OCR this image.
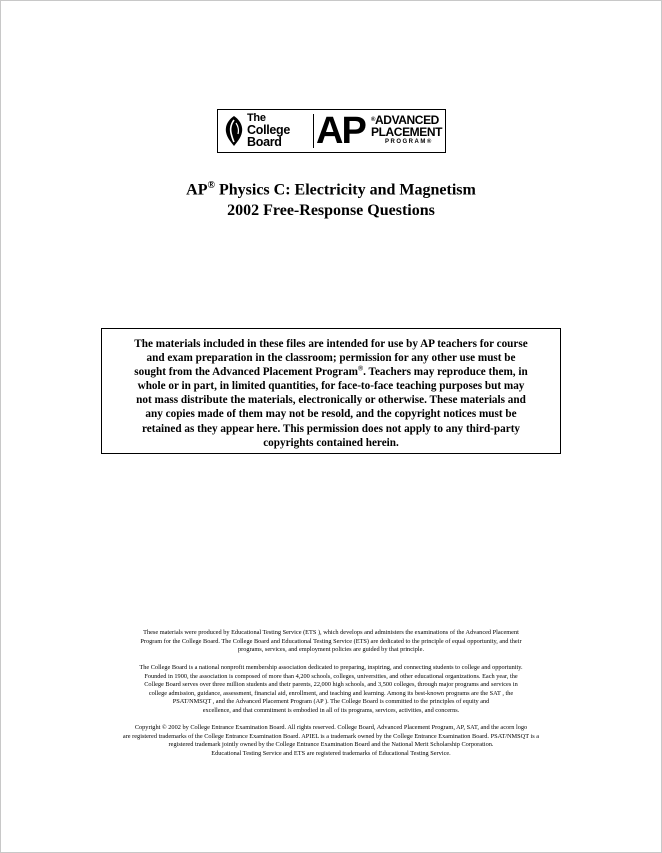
The
College
Board AP ®ADVANCED
PLACEMENT
PROGRAM®
AP® Physics C: Electricity and Magnetism
2002 Free-Response Questions
The materials included in these files are intended for use by AP teachers for course
and exam preparation in the classroom; permission for any other use must be
sought from the Advanced Placement Program®. Teachers may reproduce them, in
whole or in part, in limited quantities, for face-to-face teaching purposes but may
not mass distribute the materials, electronically or otherwise. These materials and
any copies made of them may not be resold, and the copyright notices must be
retained as they appear here. This permission does not apply to any third-party
copyrights contained herein.
These materials were produced by Educational Testing Service (ETS ), which develops and administers the examinations of the Advanced Placement
Program for the College Board. The College Board and Educational Testing Service (ETS) are dedicated to the principle of equal opportunity, and their
programs, services, and employment policies are guided by that principle.
The College Board is a national nonprofit membership association dedicated to preparing, inspiring, and connecting students to college and opportunity.
Founded in 1900, the association is composed of more than 4,200 schools, colleges, universities, and other educational organizations. Each year, the
College Board serves over three million students and their parents, 22,000 high schools, and 3,500 colleges, through major programs and services in
college admission, guidance, assessment, financial aid, enrollment, and teaching and learning. Among its best-known programs are the SAT , the
PSAT/NMSQT , and the Advanced Placement Program (AP ). The College Board is committed to the principles of equity and
excellence, and that commitment is embodied in all of its programs, services, activities, and concerns.
Copyright © 2002 by College Entrance Examination Board. All rights reserved. College Board, Advanced Placement Program, AP, SAT, and the acorn logo
are registered trademarks of the College Entrance Examination Board. APIEL is a trademark owned by the College Entrance Examination Board. PSAT/NMSQT is a
registered trademark jointly owned by the College Entrance Examination Board and the National Merit Scholarship Corporation.
Educational Testing Service and ETS are registered trademarks of Educational Testing Service.
